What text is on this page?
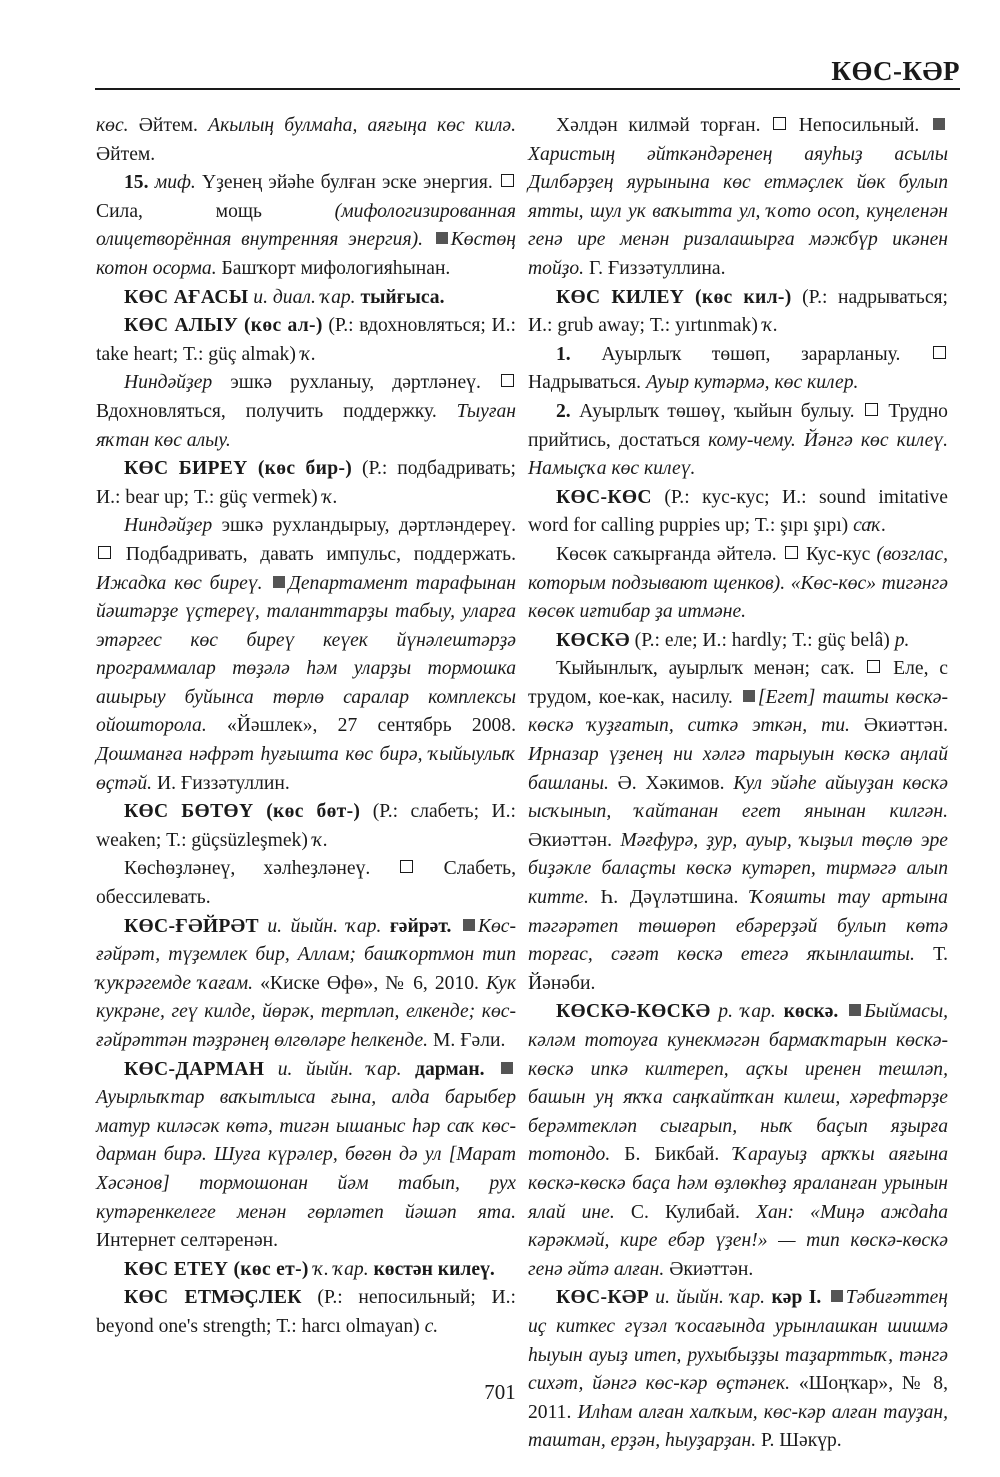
КӨС-КӘР

көс. Әйтем. Акылың булмаһа, аяғыңа көс килә. Әйтем.

15. миф. Үҙенең эйәһе булған эске энергия.  Сила, мощь (мифологизированная олицетворённая внутренняя энергия). Көстөң котон осорма. Башҡорт мифологияһынан.

КӨС АҒАСЫ и. диал. ҡар. тыйғыса.

КӨС АЛЫУ (көс ал-) (Р.: вдохновляться; И.: take heart; Т.: güç almak) ҡ.

Ниндәйҙер эшкә рухланыу, дәртләнеү.  Вдохновляться, получить поддержку. Тыуған яҡтан көс алыу.

КӨС БИРЕҮ (көс бир-) (Р.: подбадривать; И.: bear up; Т.: güç vermek) ҡ.

Ниндәйҙер эшкә рухландырыу, дәртләндереү.  Подбадривать, давать импульс, поддержать. Ижадка көс биреү. Департамент тарафынан йәштәрҙе үҫтереү, таланттарҙы табыу, уларға этәргес көс биреү кеүек йүнәлештәрҙә программалар төҙәлә һәм уларҙы тормошка ашырыу буйынса төрлө саралар комплексы ойоштоpола. «Йәшлек», 27 сентябрь 2008. Дошманға нәфрәт һуғышта көс бирә, ҡыйыулыҡ өҫтәй. И. Ғиззәтуллин.

КӨС БӨТӨҮ (көс бөт-) (Р.: слабеть; И.: weaken; Т.: güçsüzleşmek) ҡ.

Көсһөҙләнеү, хәлһеҙләнеү.  Слабеть, обессилевать.

КӨС-ҒӘЙРӘТ и. йыйн. ҡар. ғәйрәт. Көс-ғәйрәт, түҙемлек бир, Аллам; башҡортмон тип ҡуҡрәгемде ҡағам. «Киске Өфө», № 6, 2010. Кук кукрәне, геү килде, йөрәк, тертләп, елкенде; көс-ғәйрәттән тәҙрәнең өлгөләре һелкенде. М. Ғәли.

КӨС-ДАРМАН и. йыйн. ҡар. дарман. Ауырлыҡтар ваҡытлыса ғына, алда барыбер матур киләсәк көтә, тигән ышаныс һәр саҡ көс-дарман бирә. Шуға күрәлер, бөгөн дә ул [Марат Хәсәнов] тормошонан йәм табып, рух кутәренкелеге менән гөрләтеп йәшәп ята. Интернет селтәренән.

КӨС ЕТЕҮ (көс ет-) ҡ. ҡар. көстән килеү.

КӨС ЕТМӘҪЛЕК (Р.: непосильный; И.: beyond one's strength; Т.: harcı olmayan) с.

Хәлдән килмәй торған.  Непосильный. Харистың әйткәндәренең аяуһыҙ асылы Дилбәрҙең яурынына көс етмәҫлек йөк булып ятты, шул ук ваҡытта ул, ҡото осоп, куңеленән генә ире менән ризалашырға мәжбүр икәнен тойҙо. Г. Ғиззәтуллина.

КӨС КИЛЕҮ (көс кил-) (Р.: надрываться; И.: grub away; Т.: yırtınmak) ҡ.

1. Ауырлыҡ төшөп, зарарланыу.  Надрываться. Ауыр кутәрмә, көс килер.

2. Ауырлыҡ төшөү, ҡыйын булыу.  Трудно прийтись, достаться кому-чему. Йәнгә көс килеү. Намыҫҡа көс килеү.

КӨС-КӨС (Р.: кус-кус; И.: sound imitative word for calling puppies up; Т.: şıpı şıpı) саҡ.

Көсөк саҡырғанда әйтелә.  Кус-кус (возглас, которым подзывают щенков). «Көс-көс» тигәнгә көсөк иғтибар ҙа итмәне.

КӨСКӘ (Р.: еле; И.: hardly; Т.: güç belâ) р.

Ҡыйынлыҡ, ауырлыҡ менән; саҡ.  Еле, с трудом, кое-как, насилу. [Егет] ташты көскә-көскә ҡуҙғатып, ситкә эткән, ти. Әкиәттән. Ирназар үҙенең ни хәлгә тарыуын көскә аңлай башланы. Ә. Хәкимов. Кул эйәһе айыуҙан көскә ысҡынып, ҡайтанан егет янынан килгән. Әкиәттән. Мәғфурә, ҙур, ауыр, ҡыҙыл төҫлө эре биҙәкле балаҫты көскә кутәреп, тирмәгә алып китте. Һ. Дәүләтшина. Ҡояшты тау артына тәгәрәтеп төшөрөп ебәрерҙәй булып көтә торғас, сәғәт көскә етегә яҡынлашты. Т. Йәнәби.

КӨСКӘ-КӨСКӘ р. ҡар. көскә. Быймасы, кәләм тотоуға кунекмәгән бармаҡтарын көскә-көскә ипкә килтереп, аҫҡы иренен тешләп, башын уң яҡҡа саңҡайтҡан килеш, хәрефтәрҙе берәмтекләп сығарып, ныҡ баҫып яҙырға тотондо. Б. Бикбай. Ҡараyыҙ арҡҡы аяғына көскә-көскә баҫа һәм өҙлөкһөҙ яраланған урынын ялай ине. С. Кулибай. Хан: «Миңә аждаһа кәрәкмәй, кире ебәр үҙен!» — тип көскә-көскә генә әйтә алған. Әкиәттән.

КӨС-КӘР и. йыйн. ҡар. кәр I. Тәбиғәттең иҫ киткес гүзәл ҡосағында урынлашкан шишмә һыуын ауыҙ итеп, рухыбыҙҙы таҙарттыҡ, тәнгә сихәт, йәнгә көс-кәр өҫтәнек. «Шоңҡар», № 8, 2011. Илһам алған халҡым, көс-кәр алған тауҙан, таштан, ерҙән, һыуҙарҙан. Р. Шәкүр.

701
